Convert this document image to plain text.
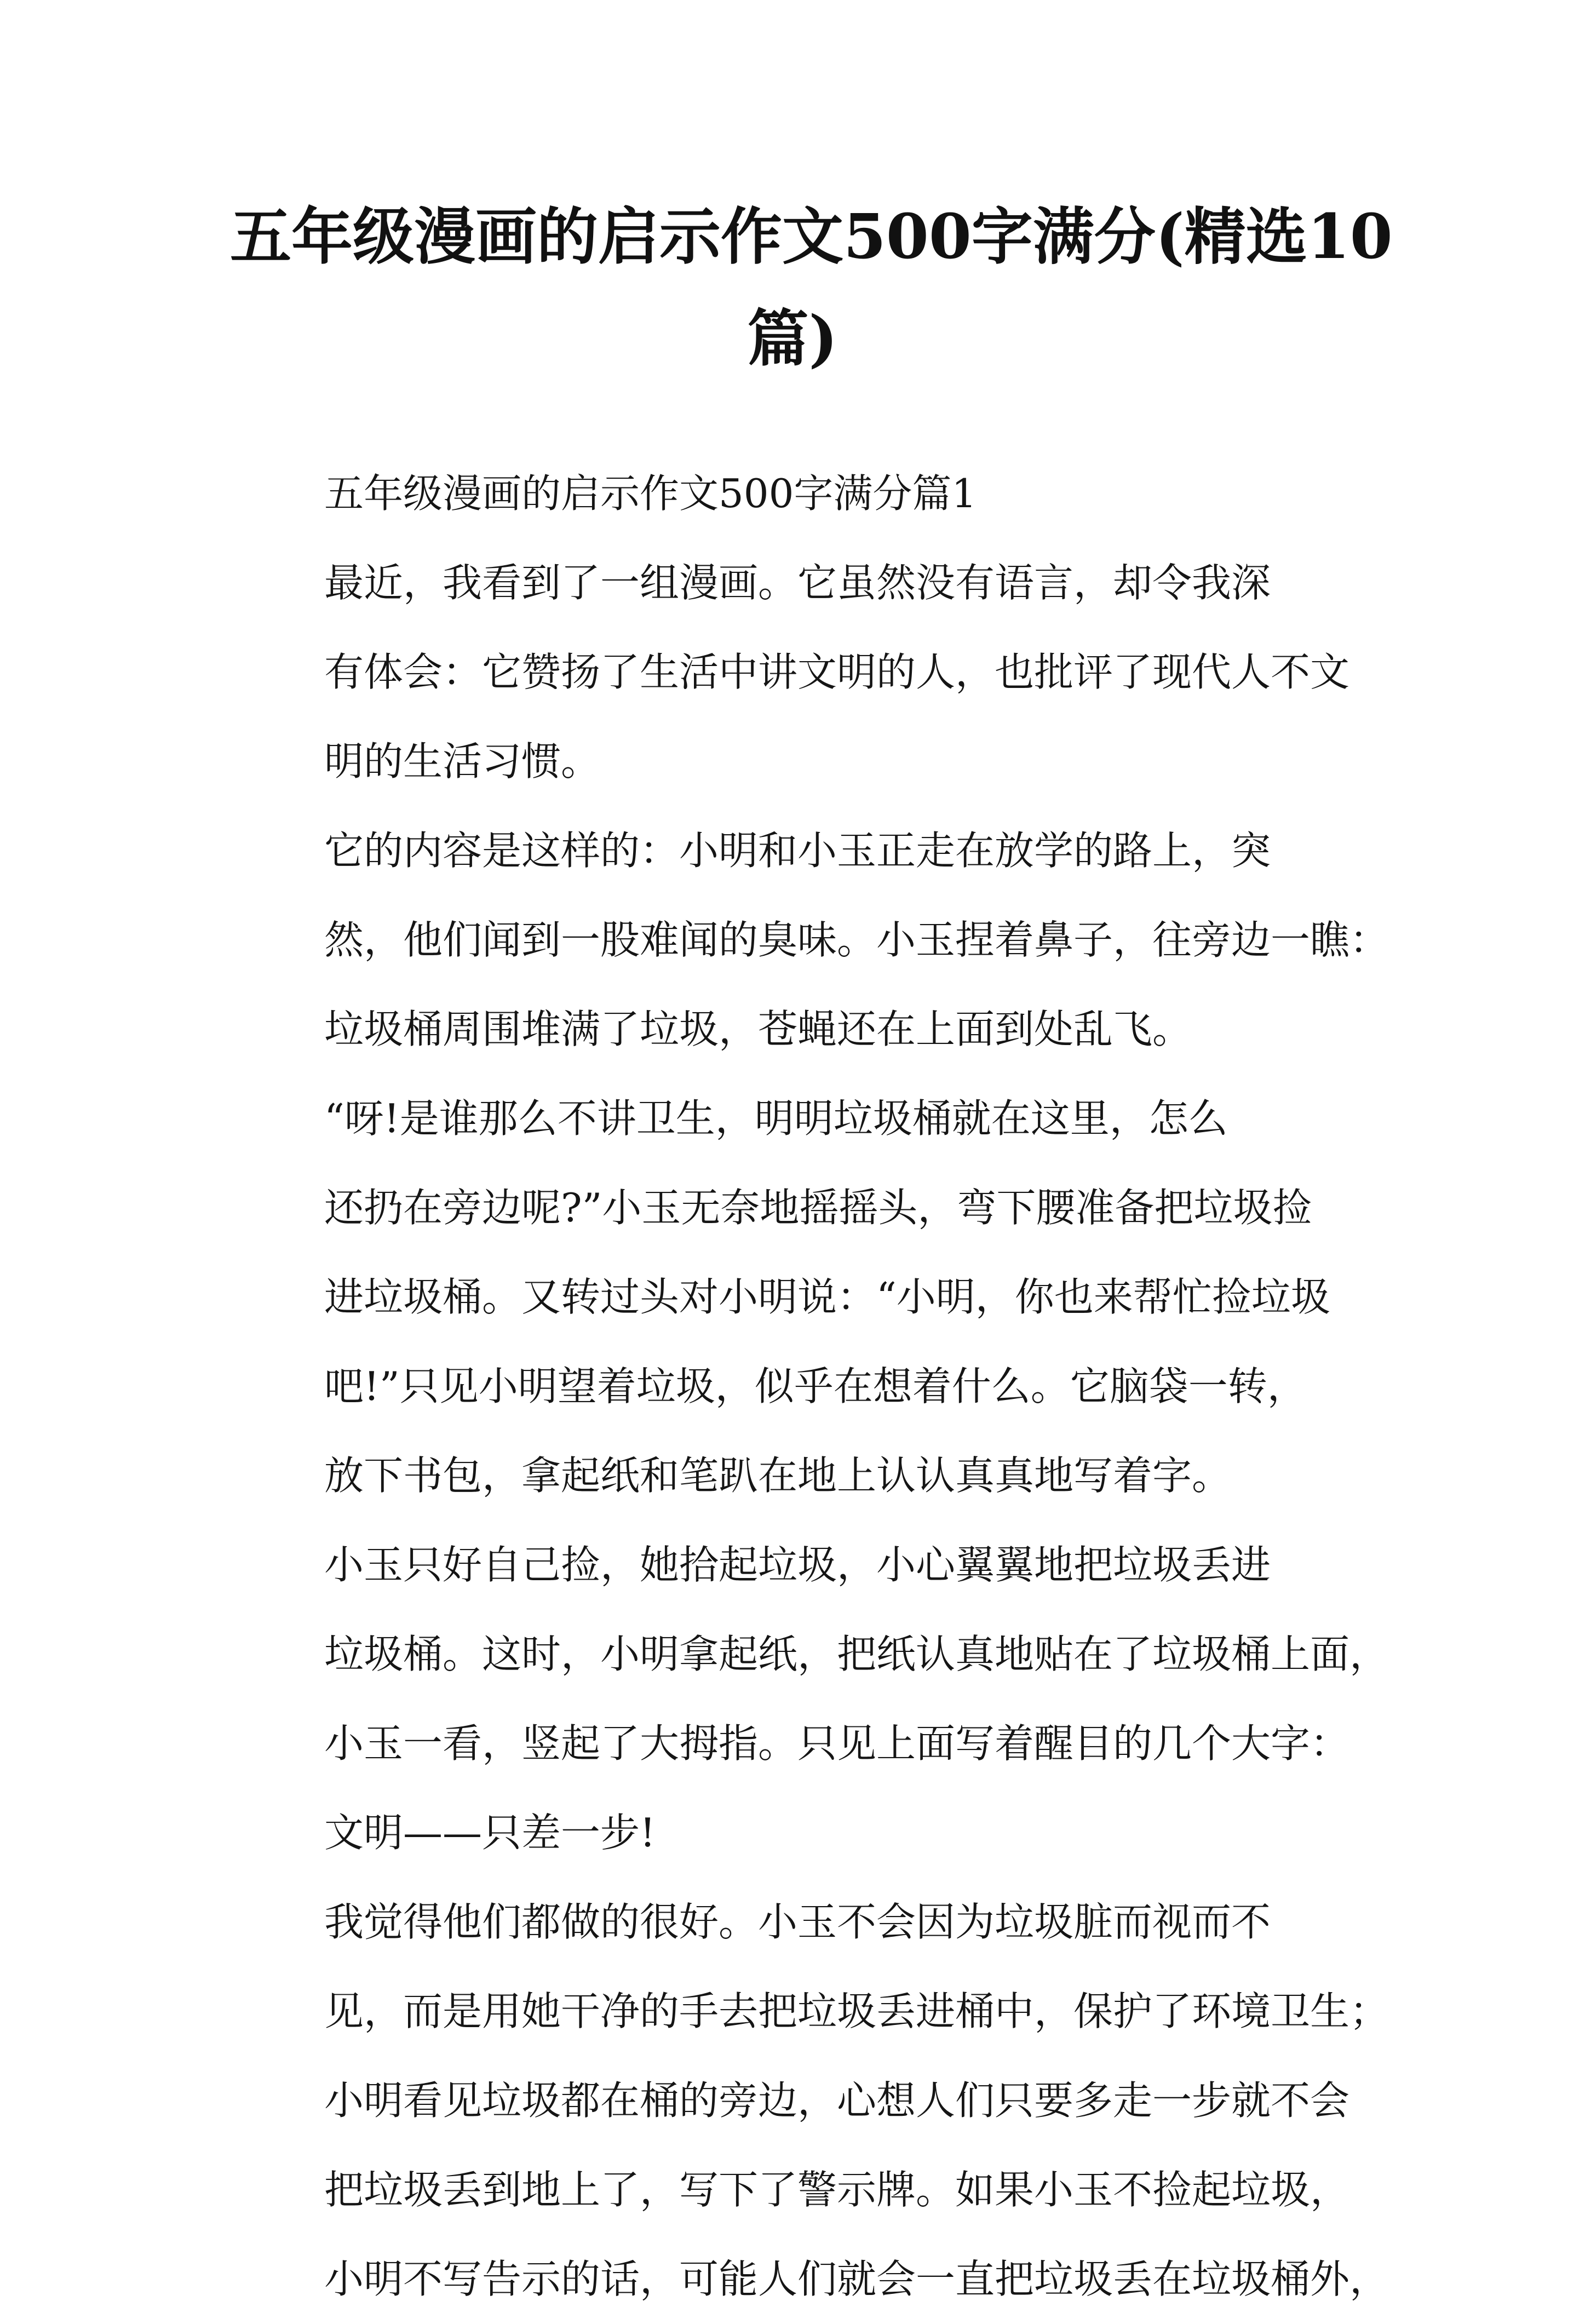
五年级漫画的启示作文500字满分(精选10
篇)

五年级漫画的启示作文500字满分篇1

最近，我看到了一组漫画。它虽然没有语言，却令我深
有体会：它赞扬了生活中讲文明的人，也批评了现代人不文
明的生活习惯。

它的内容是这样的：小明和小玉正走在放学的路上，突
然，他们闻到一股难闻的臭味。小玉捏着鼻子，往旁边一瞧：
垃圾桶周围堆满了垃圾，苍蝇还在上面到处乱飞。

“呀!是谁那么不讲卫生，明明垃圾桶就在这里，怎么
还扔在旁边呢?”小玉无奈地摇摇头，弯下腰准备把垃圾捡
进垃圾桶。又转过头对小明说：“小明，你也来帮忙捡垃圾
吧!”只见小明望着垃圾，似乎在想着什么。它脑袋一转，
放下书包，拿起纸和笔趴在地上认认真真地写着字。

小玉只好自己捡，她拾起垃圾，小心翼翼地把垃圾丢进
垃圾桶。这时，小明拿起纸，把纸认真地贴在了垃圾桶上面，
小玉一看，竖起了大拇指。只见上面写着醒目的几个大字：
文明——只差一步!

我觉得他们都做的很好。小玉不会因为垃圾脏而视而不
见，而是用她干净的手去把垃圾丢进桶中，保护了环境卫生；
小明看见垃圾都在桶的旁边，心想人们只要多走一步就不会
把垃圾丢到地上了，写下了警示牌。如果小玉不捡起垃圾，
小明不写告示的话，可能人们就会一直把垃圾丢在垃圾桶外，
